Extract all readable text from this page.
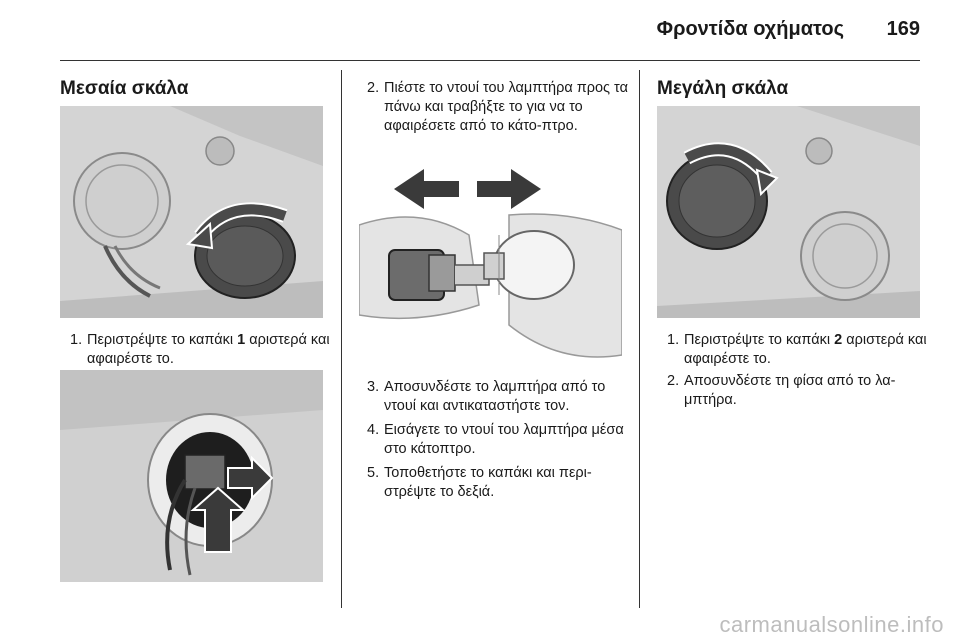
Φροντίδα οχήματος 169
Μεσαία σκάλα
1. Περιστρέψτε το καπάκι 1 αριστερά και αφαιρέστε το.
2. Πιέστε το ντουί του λαμπτήρα προς τα πάνω και τραβήξτε το για να το αφαιρέσετε από το κάτο-πτρο.
3. Αποσυνδέστε το λαμπτήρα από το ντουί και αντικαταστήστε τον.
4. Εισάγετε το ντουί του λαμπτήρα μέσα στο κάτοπτρο.
5. Τοποθετήστε το καπάκι και περι-στρέψτε το δεξιά.
Μεγάλη σκάλα
1. Περιστρέψτε το καπάκι 2 αριστερά και αφαιρέστε το.
2. Αποσυνδέστε τη φίσα από το λα-μπτήρα.
carmanualsonline.info
